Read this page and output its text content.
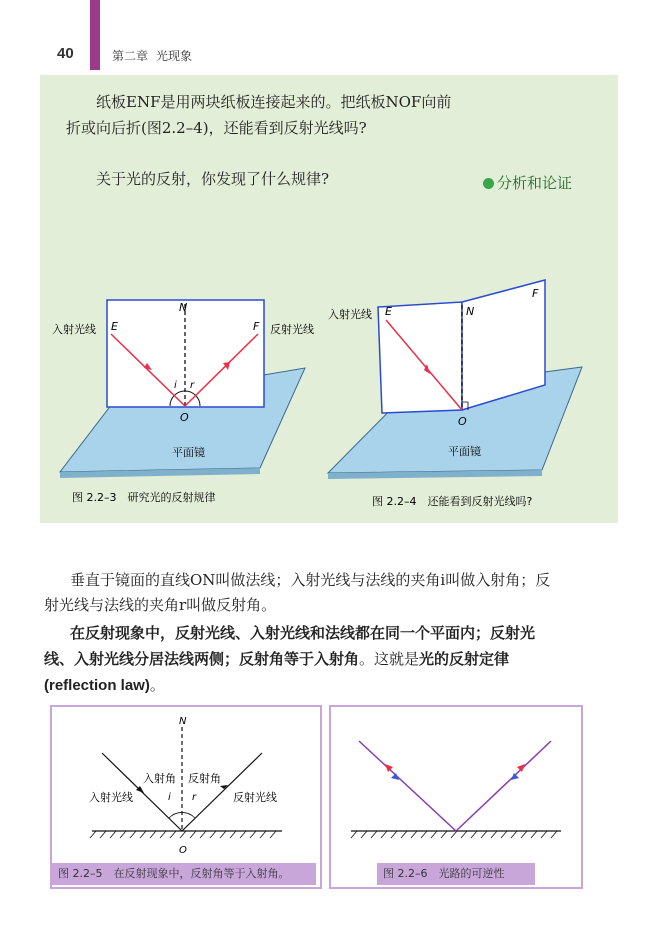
40	第二章 光现象
纸板ENF是用两块纸板连接起来的。把纸板NOF向前
折或向后折(图2.2–4)，还能看到反射光线吗?
关于光的反射，你发现了什么规律?	分析和论证
N
E	F
i r
O
入射光线	反射光线
平面镜
图 2.2–3　研究光的反射规律
E	N
F
O
入射光线
平面镜
图 2.2–4　还能看到反射光线吗?
垂直于镜面的直线ON叫做法线；入射光线与法线的夹角i叫做入射角；反
射光线与法线的夹角r叫做反射角。
在反射现象中，反射光线、入射光线和法线都在同一个平面内；反射光
线、入射光线分居法线两侧；反射角等于入射角。这就是光的反射定律
(reflection law)。
N
O
i r
入射角 反射角
入射光线	反射光线
图 2.2–5　在反射现象中，反射角等于入射角。	图 2.2–6　光路的可逆性
